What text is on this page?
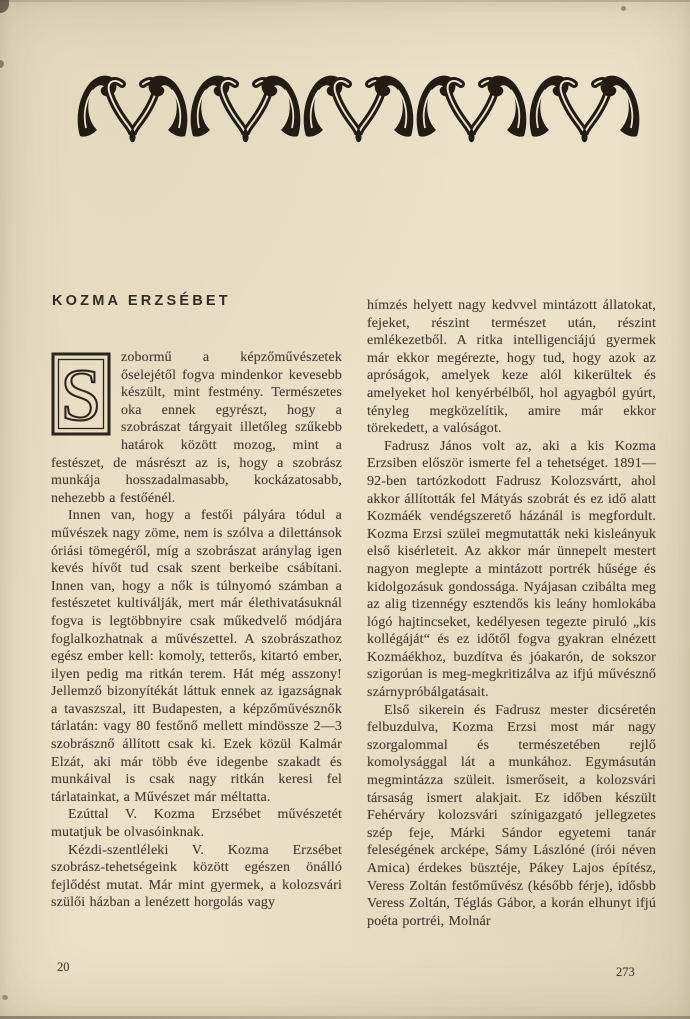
KOZMA ERZSÉBET
S zobormű a képzőművészetek őselejétől fogva mindenkor kevesebb készült, mint festmény. Természetes oka ennek egyrészt, hogy a szobrászat tárgyait illetőleg szűkebb határok között mozog, mint a festészet, de másrészt az is, hogy a szobrász munkája hosszadalmasabb, kockázatosabb, nehezebb a festőénél.

Innen van, hogy a festői pályára tódul a művészek nagy zöme, nem is szólva a dilettánsok óriási tömegéről, míg a szobrászat aránylag igen kevés hívőt tud csak szent berkeibe csábítani. Innen van, hogy a nők is túlnyomó számban a festészetet kultiválják, mert már élethivatásuknál fogva is legtöbbnyire csak műkedvelő módjára foglalkozhatnak a művészettel. A szobrászathoz egész ember kell: komoly, tetterős, kitartó ember, ilyen pedig ma ritkán terem. Hát még asszony! Jellemző bizonyítékát láttuk ennek az igazságnak a tavaszszal, itt Budapesten, a képzőművésznők tárlatán: vagy 80 festőnő mellett mindössze 2—3 szobrásznő állított csak ki. Ezek közül Kalmár Elzát, aki már több éve idegenbe szakadt és munkáival is csak nagy ritkán keresi fel tárlatainkat, a Művészet már méltatta.

Ezúttal V. Kozma Erzsébet művészetét mutatjuk be olvasóinknak.

Kézdi-szentléleki V. Kozma Erzsébet szobrász-tehetségeink között egészen önálló fejlődést mutat. Már mint gyermek, a kolozsvári szülői házban a lenézett horgolás vagy

hímzés helyett nagy kedvvel mintázott állatokat, fejeket, részint természet után, részint emlékezetből. A ritka intelligenciájú gyermek már ekkor megérezte, hogy tud, hogy azok az apróságok, amelyek keze alól kikerültek és amelyeket hol kenyérbélből, hol agyagból gyúrt, tényleg megközelítik, amire már ekkor törekedett, a valóságot.

Fadrusz János volt az, aki a kis Kozma Erzsiben először ismerte fel a tehetséget. 1891—92-ben tartózkodott Fadrusz Kolozsvártt, ahol akkor állították fel Mátyás szobrát és ez idő alatt Kozmáék vendégszerető házánál is megfordult. Kozma Erzsi szülei megmutatták neki kisleányuk első kisérleteit. Az akkor már ünnepelt mestert nagyon meglepte a mintázott portrék hűsége és kidolgozásuk gondossága. Nyájasan czibálta meg az alig tizennégy esztendős kis leány homlokába lógó hajtincseket, kedélyesen tegezte piruló „kis kollégáját“ és ez időtől fogva gyakran elnézett Kozmáékhoz, buzdítva és jóakarón, de sokszor szigorúan is meg-megkritizálva az ifjú művésznő szárnypróbálgatásait.

Első sikerein és Fadrusz mester dicséretén felbuzdulva, Kozma Erzsi most már nagy szorgalommal és természetében rejlő komolysággal lát a munkához. Egymásután megmintázza szüleit. ismerőseit, a kolozsvári társaság ismert alakjait. Ez időben készült Fehérváry kolozsvári színigazgató jellegzetes szép feje, Márki Sándor egyetemi tanár feleségének arcképe, Sámy Lászlóné (írói néven Amica) érdekes büsztéje, Pákey Lajos építész, Veress Zoltán festőművész (később férje), idősbb Veress Zoltán, Téglás Gábor, a korán elhunyt ifjú poéta portréi, Molnár

20	273
